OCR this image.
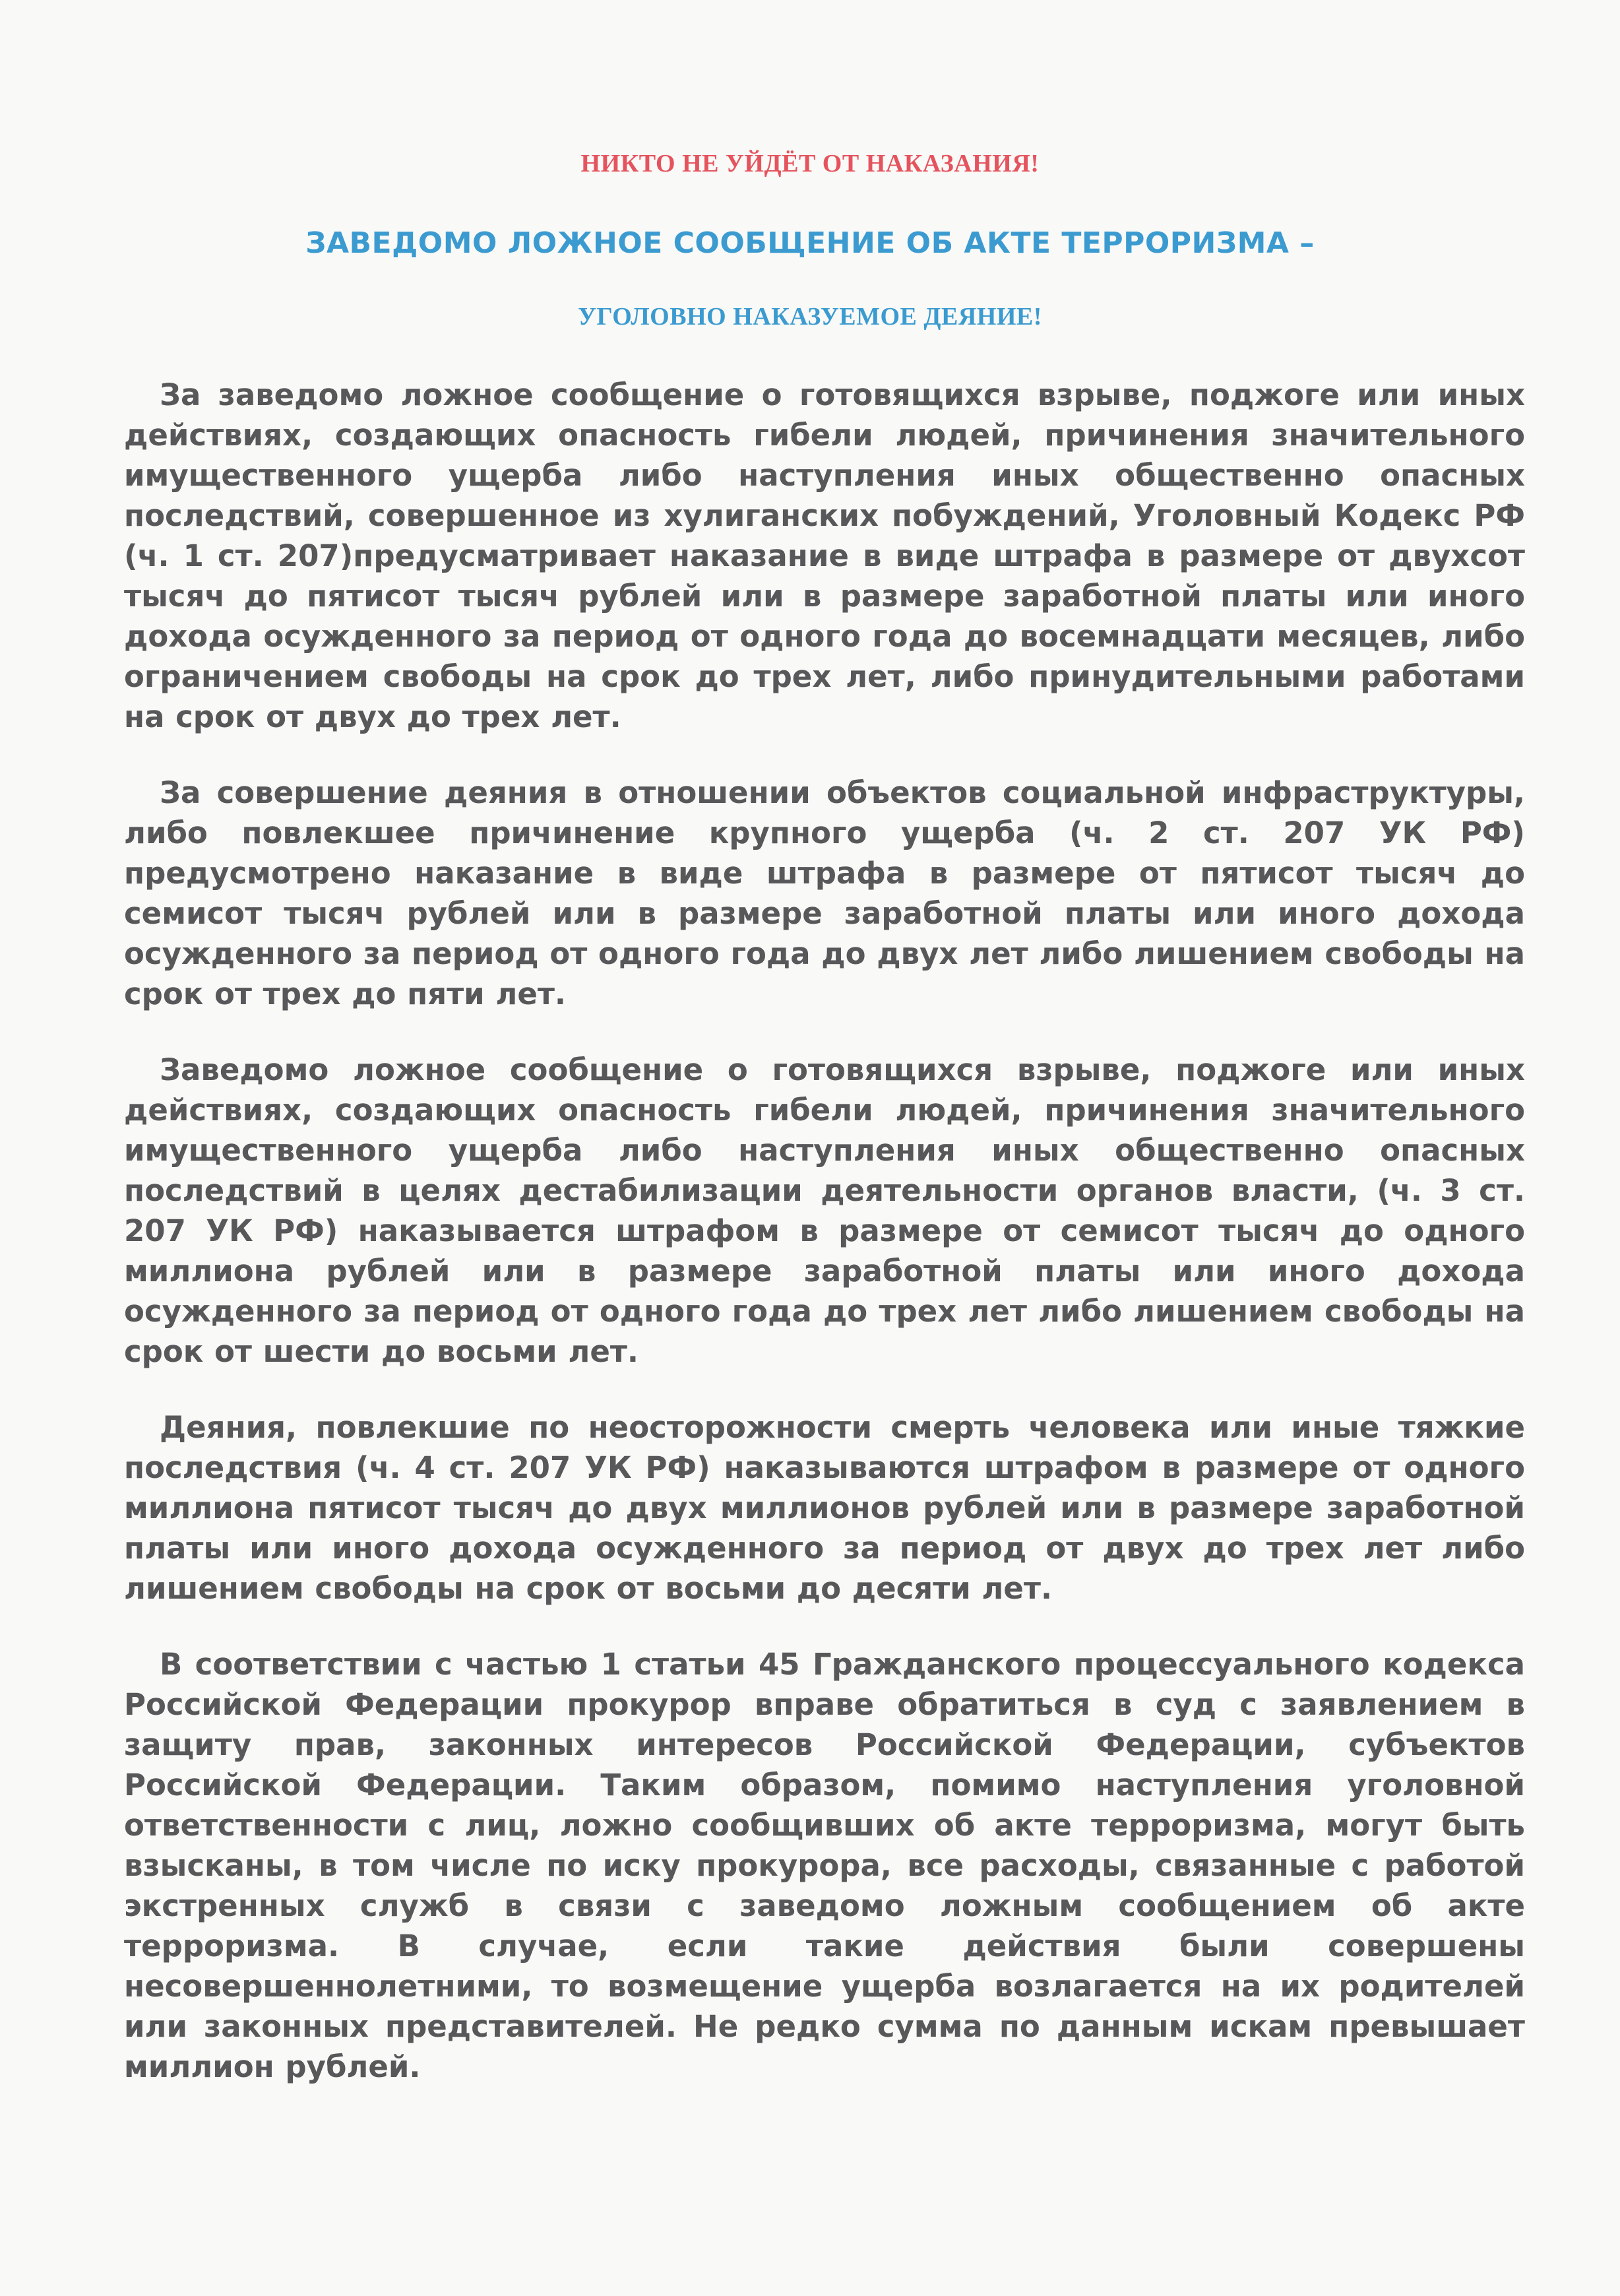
НИКТО НЕ УЙДЁТ ОТ НАКАЗАНИЯ!
ЗАВЕДОМО ЛОЖНОЕ СООБЩЕНИЕ ОБ АКТЕ ТЕРРОРИЗМА –
УГОЛОВНО НАКАЗУЕМОЕ ДЕЯНИЕ!

За заведомо ложное сообщение о готовящихся взрыве, поджоге или иных действиях, создающих опасность гибели людей, причинения значительного имущественного ущерба либо наступления иных общественно опасных последствий, совершенное из хулиганских побуждений, Уголовный Кодекс РФ (ч. 1 ст. 207)предусматривает наказание в виде штрафа в размере от двухсот тысяч до пятисот тысяч рублей или в размере заработной платы или иного дохода осужденного за период от одного года до восемнадцати месяцев, либо ограничением свободы на срок до трех лет, либо принудительными работами на срок от двух до трех лет.

За совершение деяния в отношении объектов социальной инфраструктуры, либо повлекшее причинение крупного ущерба (ч. 2 ст. 207 УК РФ) предусмотрено наказание в виде штрафа в размере от пятисот тысяч до семисот тысяч рублей или в размере заработной платы или иного дохода осужденного за период от одного года до двух лет либо лишением свободы на срок от трех до пяти лет.

Заведомо ложное сообщение о готовящихся взрыве, поджоге или иных действиях, создающих опасность гибели людей, причинения значительного имущественного ущерба либо наступления иных общественно опасных последствий в целях дестабилизации деятельности органов власти, (ч. 3 ст. 207 УК РФ) наказывается штрафом в размере от семисот тысяч до одного миллиона рублей или в размере заработной платы или иного дохода осужденного за период от одного года до трех лет либо лишением свободы на срок от шести до восьми лет.

Деяния, повлекшие по неосторожности смерть человека или иные тяжкие последствия (ч. 4 ст. 207 УК РФ) наказываются штрафом в размере от одного миллиона пятисот тысяч до двух миллионов рублей или в размере заработной платы или иного дохода осужденного за период от двух до трех лет либо лишением свободы на срок от восьми до десяти лет.

В соответствии с частью 1 статьи 45 Гражданского процессуального кодекса Российской Федерации прокурор вправе обратиться в суд с заявлением в защиту прав, законных интересов Российской Федерации, субъектов Российской Федерации. Таким образом, помимо наступления уголовной ответственности с лиц, ложно сообщивших об акте терроризма, могут быть взысканы, в том числе по иску прокурора, все расходы, связанные с работой экстренных служб в связи с заведомо ложным сообщением об акте терроризма. В случае, если такие действия были совершены несовершеннолетними, то возмещение ущерба возлагается на их родителей или законных представителей. Не редко сумма по данным искам превышает миллион рублей.
